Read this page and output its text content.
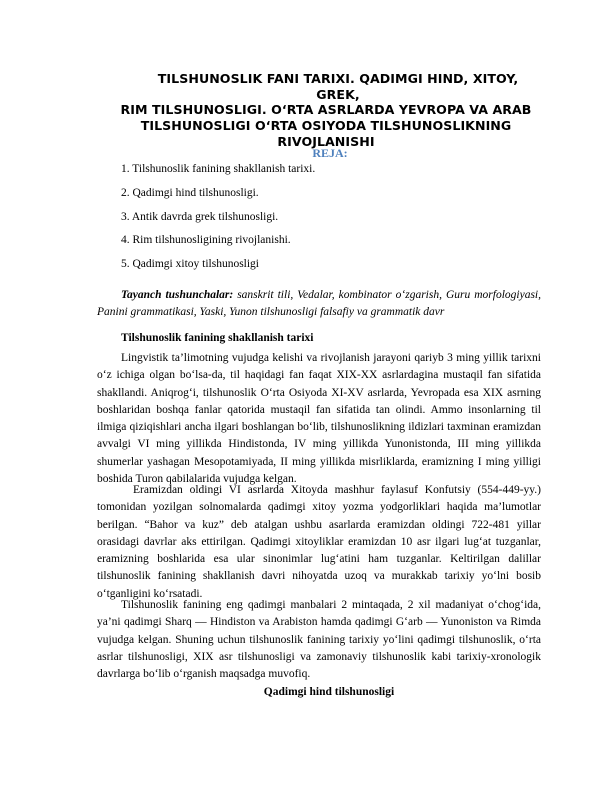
TILSHUNOSLIK FANI TARIXI. QADIMGI HIND, XITOY, GREK,
RIM TILSHUNOSLIGI. O‘RTA ASRLARDA YEVROPA VA ARAB TILSHUNOSLIGI O‘RTA OSIYODA TILSHUNOSLIKNING RIVOJLANISHI
REJA:
1. Tilshunoslik fanining shakllanish tarixi.
2. Qadimgi hind tilshunosligi.
3. Antik davrda grek tilshunosligi.
4. Rim tilshunosligining rivojlanishi.
5. Qadimgi xitoy tilshunosligi

Tayanch tushunchalar: sanskrit tili, Vedalar, kombinator o‘zgarish, Guru morfologiyasi, Panini grammatikasi, Yaski, Yunon tilshunosligi falsafiy va grammatik davr

Tilshunoslik fanining shakllanish tarixi

Lingvistik ta’limotning vujudga kelishi va rivojlanish jarayoni qariyb 3 ming yillik tarixni o‘z ichiga olgan bo‘lsa-da, til haqidagi fan faqat XIX-XX asrlardagina mustaqil fan sifatida shakllandi. Aniqrog‘i, tilshunoslik O‘rta Osiyoda XI-XV asrlarda, Yevropada esa XIX asrning boshlaridan boshqa fanlar qatorida mustaqil fan sifatida tan olindi. Ammo insonlarning til ilmiga qiziqishlari ancha ilgari boshlangan bo‘lib, tilshunoslikning ildizlari taxminan eramizdan avvalgi VI ming yillikda Hindistonda, IV ming yillikda Yunonistonda, III ming yillikda shumerlar yashagan Mesopotamiyada, II ming yillikda misrliklarda, eramizning I ming yilligi boshida Turon qabilalarida vujudga kelgan.

Eramizdan oldingi VI asrlarda Xitoyda mashhur faylasuf Konfutsiy (554-449-yy.) tomonidan yozilgan solnomalarda qadimgi xitoy yozma yodgorliklari haqida ma’lumotlar berilgan. “Bahor va kuz” deb atalgan ushbu asarlarda eramizdan oldingi 722-481 yillar orasidagi davrlar aks ettirilgan. Qadimgi xitoyliklar eramizdan 10 asr ilgari lug‘at tuzganlar, eramizning boshlarida esa ular sinonimlar lug‘atini ham tuzganlar. Keltirilgan dalillar tilshunoslik fanining shakllanish davri nihoyatda uzoq va murakkab tarixiy yo‘lni bosib o‘tganligini ko‘rsatadi.

Tilshunoslik fanining eng qadimgi manbalari 2 mintaqada, 2 xil madaniyat o‘chog‘ida, ya’ni qadimgi Sharq — Hindiston va Arabiston hamda qadimgi G‘arb — Yunoniston va Rimda vujudga kelgan. Shuning uchun tilshunoslik fanining tarixiy yo‘lini qadimgi tilshunoslik, o‘rta asrlar tilshunosligi, XIX asr tilshunosligi va zamonaviy tilshunoslik kabi tarixiy-xronologik davrlarga bo‘lib o‘rganish maqsadga muvofiq.

Qadimgi hind tilshunosligi
